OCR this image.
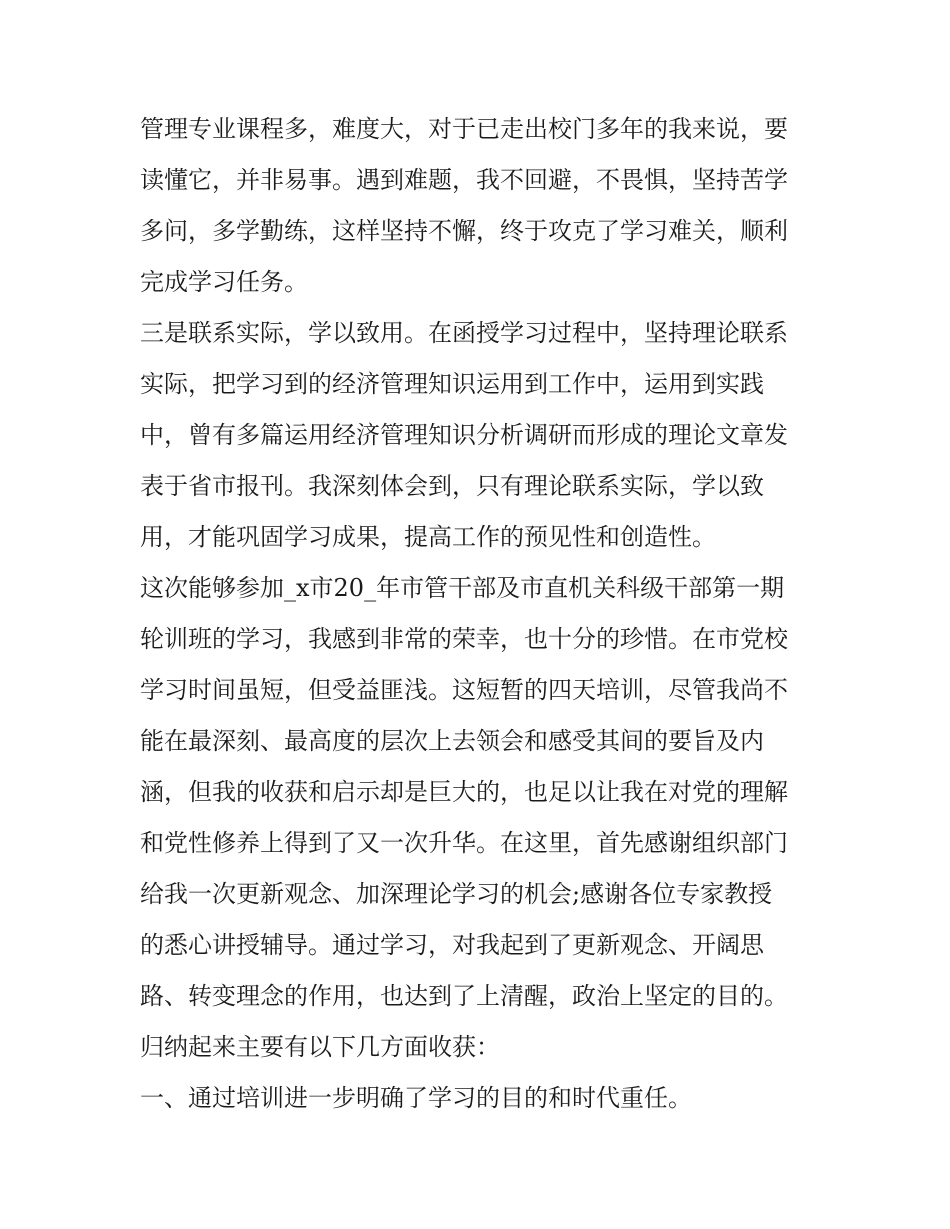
管理专业课程多，难度大，对于已走出校门多年的我来说，要
读懂它，并非易事。遇到难题，我不回避，不畏惧，坚持苦学
多问，多学勤练，这样坚持不懈，终于攻克了学习难关，顺利
完成学习任务。
三是联系实际，学以致用。在函授学习过程中，坚持理论联系
实际，把学习到的经济管理知识运用到工作中，运用到实践
中，曾有多篇运用经济管理知识分析调研而形成的理论文章发
表于省市报刊。我深刻体会到，只有理论联系实际，学以致
用，才能巩固学习成果，提高工作的预见性和创造性。
这次能够参加_x市20_年市管干部及市直机关科级干部第一期
轮训班的学习，我感到非常的荣幸，也十分的珍惜。在市党校
学习时间虽短，但受益匪浅。这短暂的四天培训，尽管我尚不
能在最深刻、最高度的层次上去领会和感受其间的要旨及内
涵，但我的收获和启示却是巨大的，也足以让我在对党的理解
和党性修养上得到了又一次升华。在这里，首先感谢组织部门
给我一次更新观念、加深理论学习的机会;感谢各位专家教授
的悉心讲授辅导。通过学习，对我起到了更新观念、开阔思
路、转变理念的作用，也达到了上清醒，政治上坚定的目的。
归纳起来主要有以下几方面收获：
一、通过培训进一步明确了学习的目的和时代重任。
